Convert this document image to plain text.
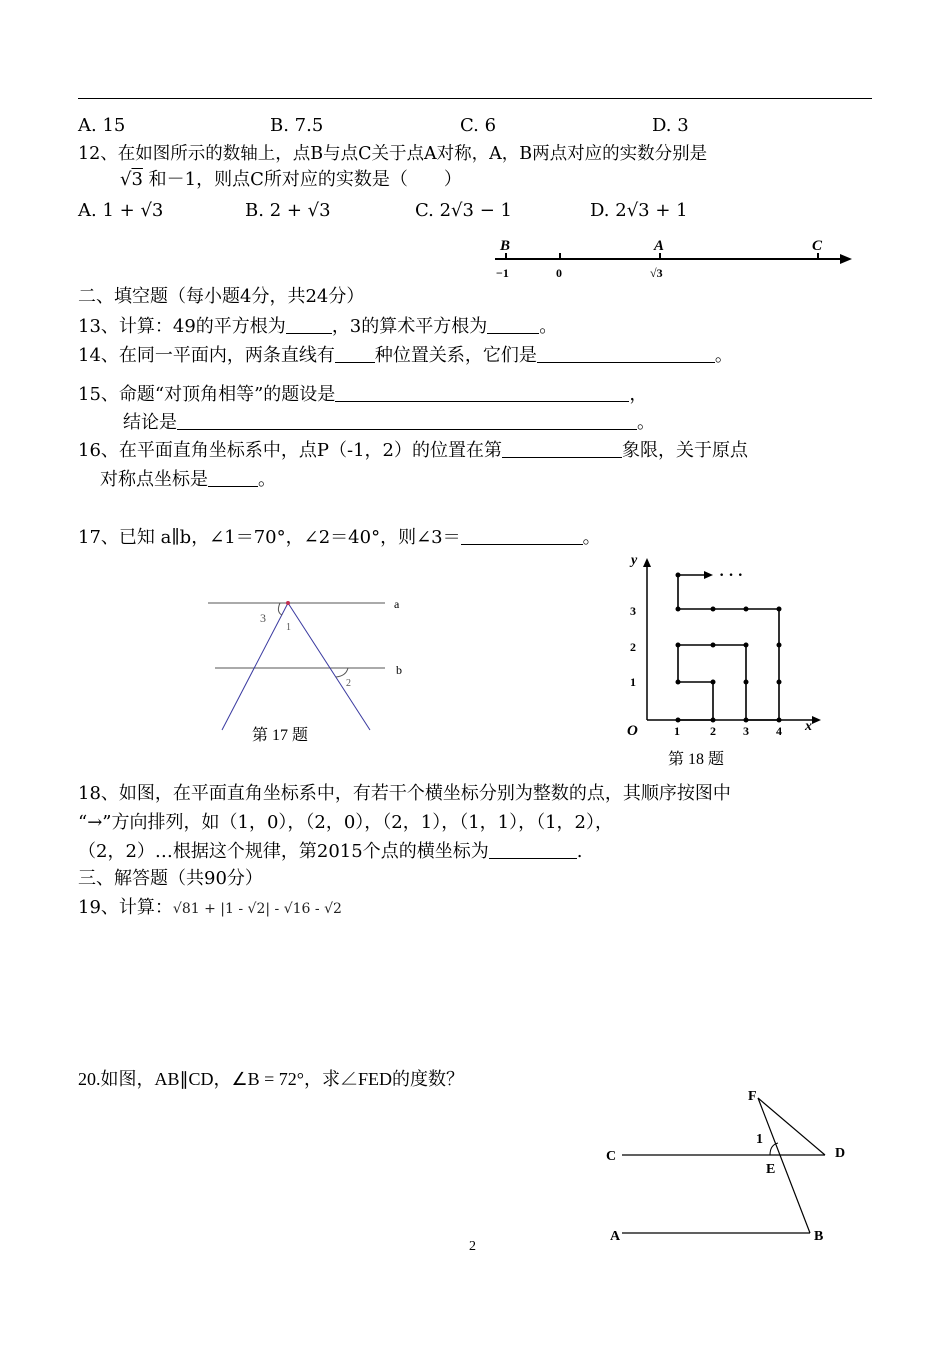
A. 15	B. 7.5	C. 6	D. 3
12、在如图所示的数轴上，点B与点C关于点A对称，A，B两点对应的实数分别是
√3 和－1，则点C所对应的实数是（　　）
A. 1 + √3	B. 2 + √3	C. 2√3 − 1	D. 2√3 + 1
B	A	C
−1	0	√3
二、填空题（每小题4分，共24分）
13、计算：49的平方根为	，3的算术平方根为	。
14、在同一平面内，两条直线有 种位置关系，它们是	。
15、命题“对顶角相等”的题设是	，
结论是	。
16、在平面直角坐标系中，点P（-1，2）的位置在第	象限，关于原点
对称点坐标是	。
17、已知 a∥b，∠1＝70°，∠2＝40°，则∠3＝	。
a
b
3
1
2
第 17 题
y
x
O	1	2 3 4
1
2
3
· · ·
第 18 题
18、如图，在平面直角坐标系中，有若干个横坐标分别为整数的点，其顺序按图中
“→”方向排列，如（1，0），（2，0），（2，1），（1，1），（1，2），
（2，2）…根据这个规律，第2015个点的横坐标为	.
三、解答题（共90分）
19、计算：√81 + |1 - √2| - √16 - √2
20.如图，AB∥CD，∠B = 72°，求∠FED的度数？
F
C	D
E
A	B
1
2
